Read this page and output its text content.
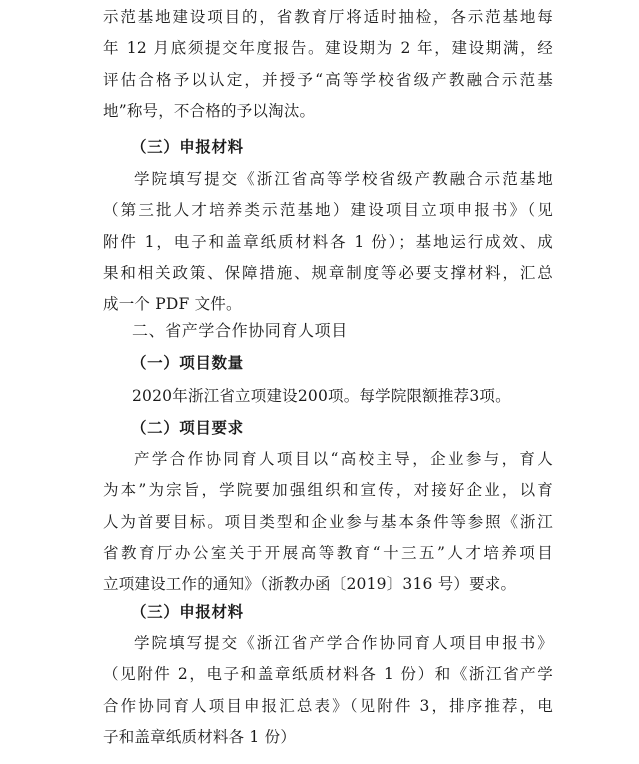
示范基地建设项目的，省教育厅将适时抽检，各示范基地每
年 12 月底须提交年度报告。建设期为 2 年，建设期满，经
评估合格予以认定，并授予“高等学校省级产教融合示范基
地”称号，不合格的予以淘汰。
（三）申报材料
学院填写提交《浙江省高等学校省级产教融合示范基地
（第三批人才培养类示范基地）建设项目立项申报书》（见
附件 1，电子和盖章纸质材料各 1 份）；基地运行成效、成
果和相关政策、保障措施、规章制度等必要支撑材料，汇总
成一个 PDF 文件。
二、省产学合作协同育人项目
（一）项目数量
2020年浙江省立项建设200项。每学院限额推荐3项。
（二）项目要求
产学合作协同育人项目以“高校主导，企业参与，育人
为本”为宗旨，学院要加强组织和宣传，对接好企业，以育
人为首要目标。项目类型和企业参与基本条件等参照《浙江
省教育厅办公室关于开展高等教育“十三五”人才培养项目
立项建设工作的通知》（浙教办函〔2019〕316 号）要求。
（三）申报材料
学院填写提交《浙江省产学合作协同育人项目申报书》
（见附件 2，电子和盖章纸质材料各 1 份）和《浙江省产学
合作协同育人项目申报汇总表》（见附件 3，排序推荐，电
子和盖章纸质材料各 1 份）
